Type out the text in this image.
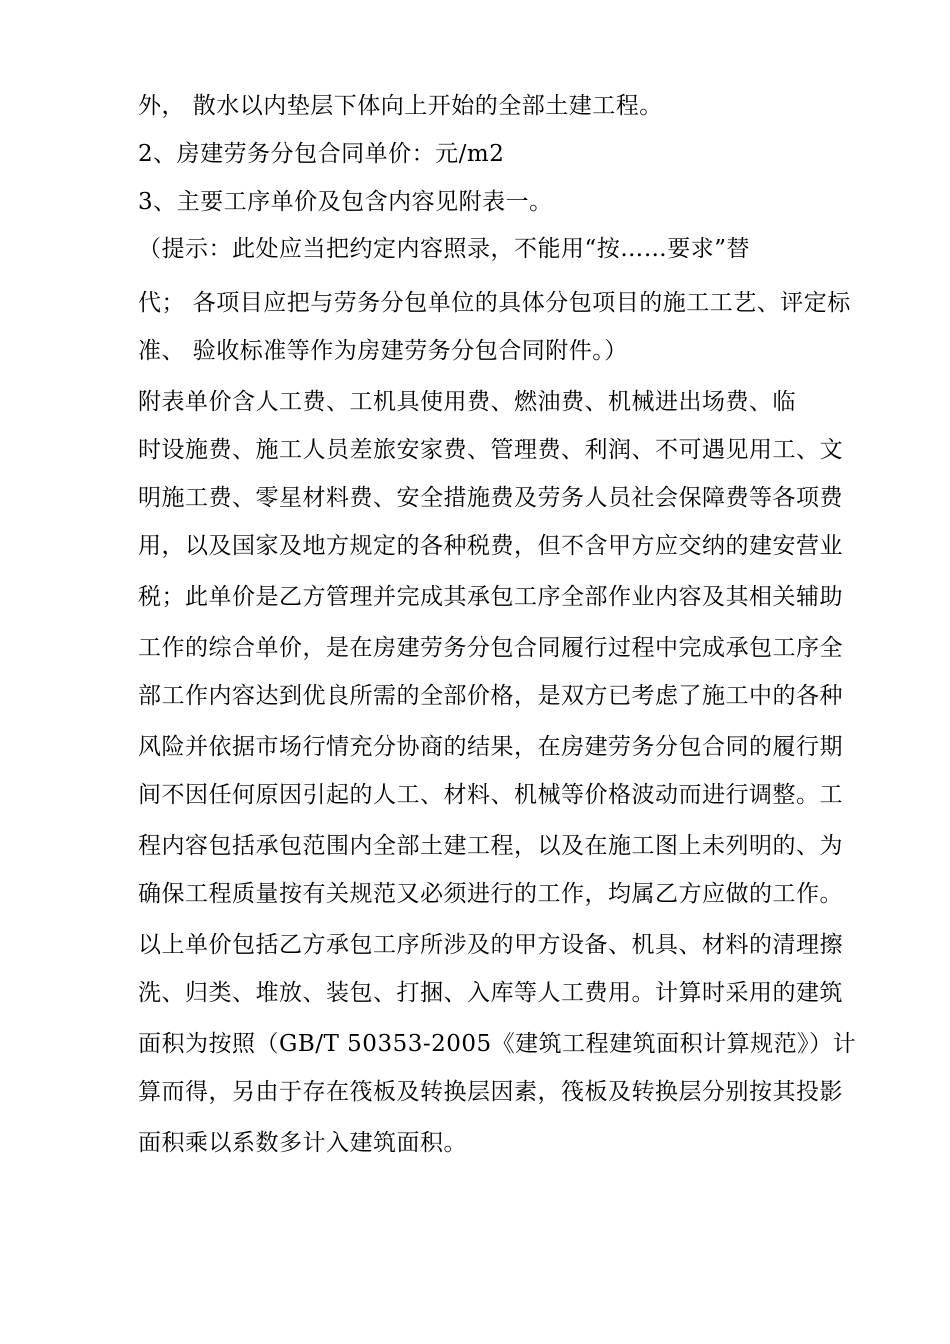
外， 散水以内垫层下体向上开始的全部土建工程。
2、房建劳务分包合同单价：元/m2
3、主要工序单价及包含内容见附表一。
（提示：此处应当把约定内容照录，不能用“按……要求”替
代； 各项目应把与劳务分包单位的具体分包项目的施工工艺、评定标
准、 验收标准等作为房建劳务分包合同附件。）
附表单价含人工费、工机具使用费、燃油费、机械进出场费、临
时设施费、施工人员差旅安家费、管理费、利润、不可遇见用工、文
明施工费、零星材料费、安全措施费及劳务人员社会保障费等各项费
用，以及国家及地方规定的各种税费，但不含甲方应交纳的建安营业
税；此单价是乙方管理并完成其承包工序全部作业内容及其相关辅助
工作的综合单价，是在房建劳务分包合同履行过程中完成承包工序全
部工作内容达到优良所需的全部价格，是双方已考虑了施工中的各种
风险并依据市场行情充分协商的结果，在房建劳务分包合同的履行期
间不因任何原因引起的人工、材料、机械等价格波动而进行调整。工
程内容包括承包范围内全部土建工程，以及在施工图上未列明的、为
确保工程质量按有关规范又必须进行的工作，均属乙方应做的工作。
以上单价包括乙方承包工序所涉及的甲方设备、机具、材料的清理擦
洗、归类、堆放、装包、打捆、入库等人工费用。计算时采用的建筑
面积为按照（GB/T 50353-2005《建筑工程建筑面积计算规范》）计
算而得，另由于存在筏板及转换层因素，筏板及转换层分别按其投影
面积乘以系数多计入建筑面积。
